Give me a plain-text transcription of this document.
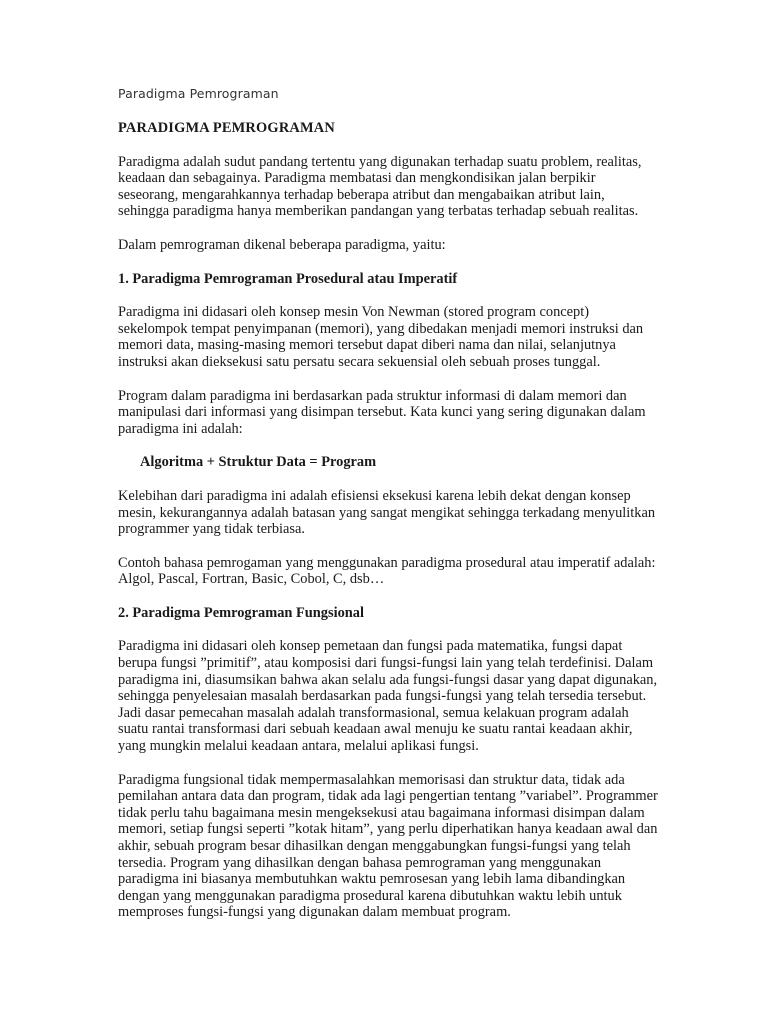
Paradigma Pemrograman

PARADIGMA PEMROGRAMAN

Paradigma adalah sudut pandang tertentu yang digunakan terhadap suatu problem, realitas, keadaan dan sebagainya. Paradigma membatasi dan mengkondisikan jalan berpikir seseorang, mengarahkannya terhadap beberapa atribut dan mengabaikan atribut lain, sehingga paradigma hanya memberikan pandangan yang terbatas terhadap sebuah realitas.

Dalam pemrograman dikenal beberapa paradigma, yaitu:

1. Paradigma Pemrograman Prosedural atau Imperatif

Paradigma ini didasari oleh konsep mesin Von Newman (stored program concept) sekelompok tempat penyimpanan (memori), yang dibedakan menjadi memori instruksi dan memori data, masing-masing memori tersebut dapat diberi nama dan nilai, selanjutnya instruksi akan dieksekusi satu persatu secara sekuensial oleh sebuah proses tunggal.

Program dalam paradigma ini berdasarkan pada struktur informasi di dalam memori dan manipulasi dari informasi yang disimpan tersebut. Kata kunci yang sering digunakan dalam paradigma ini adalah:

Algoritma + Struktur Data = Program

Kelebihan dari paradigma ini adalah efisiensi eksekusi karena lebih dekat dengan konsep mesin, kekurangannya adalah batasan yang sangat mengikat sehingga terkadang menyulitkan programmer yang tidak terbiasa.

Contoh bahasa pemrogaman yang menggunakan paradigma prosedural atau imperatif adalah: Algol, Pascal, Fortran, Basic, Cobol, C, dsb…

2. Paradigma Pemrograman Fungsional

Paradigma ini didasari oleh konsep pemetaan dan fungsi pada matematika, fungsi dapat berupa fungsi ”primitif”, atau komposisi dari fungsi-fungsi lain yang telah terdefinisi. Dalam paradigma ini, diasumsikan bahwa akan selalu ada fungsi-fungsi dasar yang dapat digunakan, sehingga penyelesaian masalah berdasarkan pada fungsi-fungsi yang telah tersedia tersebut. Jadi dasar pemecahan masalah adalah transformasional, semua kelakuan program adalah suatu rantai transformasi dari sebuah keadaan awal menuju ke suatu rantai keadaan akhir, yang mungkin melalui keadaan antara, melalui aplikasi fungsi.

Paradigma fungsional tidak mempermasalahkan memorisasi dan struktur data, tidak ada pemilahan antara data dan program, tidak ada lagi pengertian tentang ”variabel”. Programmer tidak perlu tahu bagaimana mesin mengeksekusi atau bagaimana informasi disimpan dalam memori, setiap fungsi seperti ”kotak hitam”, yang perlu diperhatikan hanya keadaan awal dan akhir, sebuah program besar dihasilkan dengan menggabungkan fungsi-fungsi yang telah tersedia. Program yang dihasilkan dengan bahasa pemrograman yang menggunakan paradigma ini biasanya membutuhkan waktu pemrosesan yang lebih lama dibandingkan dengan yang menggunakan paradigma prosedural karena dibutuhkan waktu lebih untuk memproses fungsi-fungsi yang digunakan dalam membuat program.
